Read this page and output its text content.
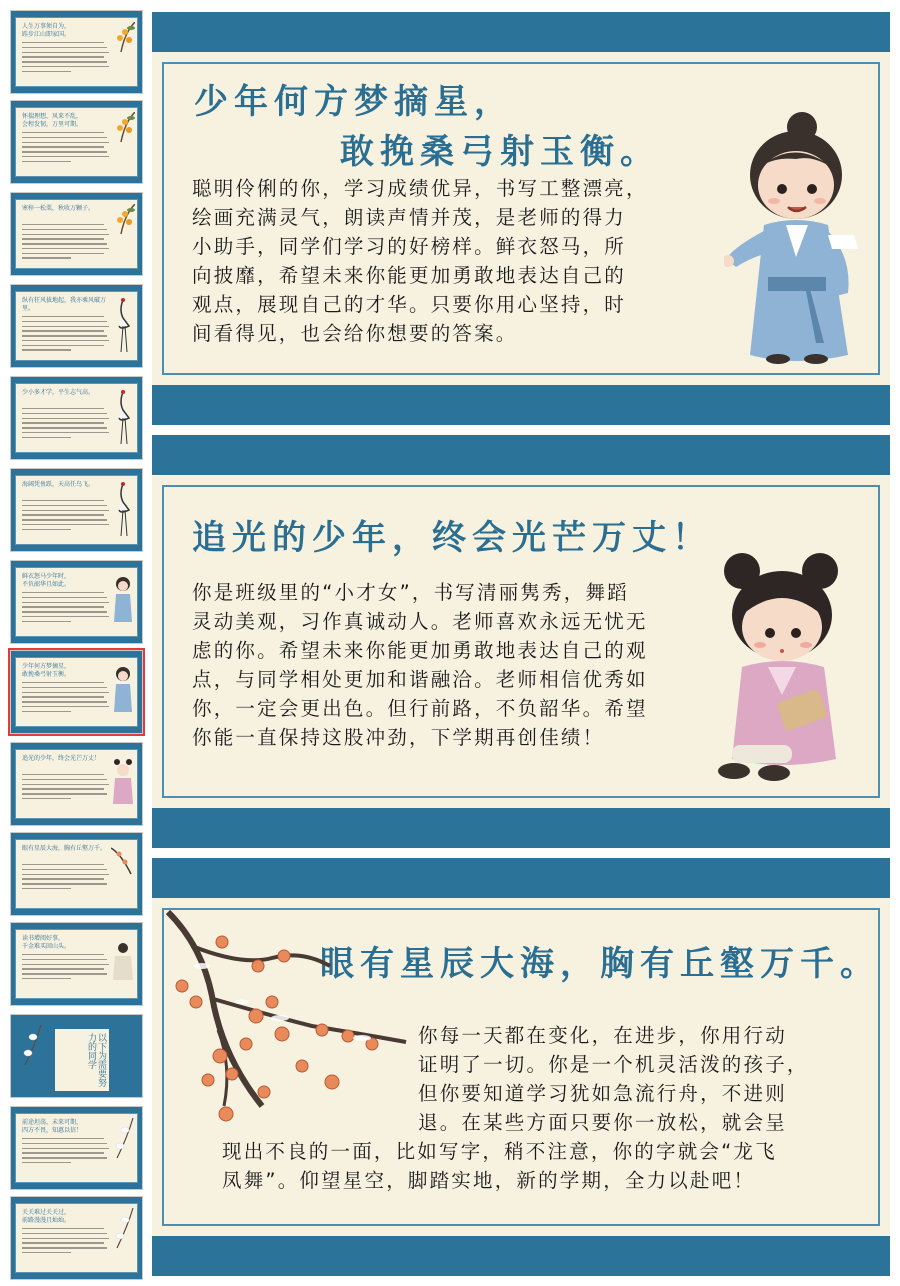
人生万事须自为，
跬步江山即家国。
怀揣理想，风来不乱，
会程发韧，万里可期。
寒梓一松栗，秋收万颗子。
纵有狂风拔地起，我亦乘风破万里。
少小多才学，平生志气高。
海阔凭鱼跃，天高任鸟飞。
鲜衣怒马少年时，
不负韶华且如此。
少年何方梦摘星，
敢挽桑弓射玉衡。
追光的少年，终会光芒万丈！
眼有星辰大海，胸有丘壑万千。
读书增阅好事，
千金难买回山头。
以下为需要努力的同学
前途坦荡，未来可期，
四方不畏，知惠以信！
关关难过关关过，
前路漫漫且灿灿。
少年何方梦摘星，
敢挽桑弓射玉衡。
聪明伶俐的你，学习成绩优异，书写工整漂亮，
绘画充满灵气，朗读声情并茂，是老师的得力
小助手，同学们学习的好榜样。鲜衣怒马，所
向披靡，希望未来你能更加勇敢地表达自己的
观点，展现自己的才华。只要你用心坚持，时
间看得见，也会给你想要的答案。
追光的少年，终会光芒万丈！
你是班级里的“小才女”，书写清丽隽秀，舞蹈
灵动美观，习作真诚动人。老师喜欢永远无忧无
虑的你。希望未来你能更加勇敢地表达自己的观
点，与同学相处更加和谐融洽。老师相信优秀如
你，一定会更出色。但行前路，不负韶华。希望
你能一直保持这股冲劲，下学期再创佳绩！
眼有星辰大海，胸有丘壑万千。
你每一天都在变化，在进步，你用行动
证明了一切。你是一个机灵活泼的孩子，
但你要知道学习犹如急流行舟，不进则
退。在某些方面只要你一放松，就会呈
现出不良的一面，比如写字，稍不注意，你的字就会“龙飞
凤舞”。仰望星空，脚踏实地，新的学期，全力以赴吧！
